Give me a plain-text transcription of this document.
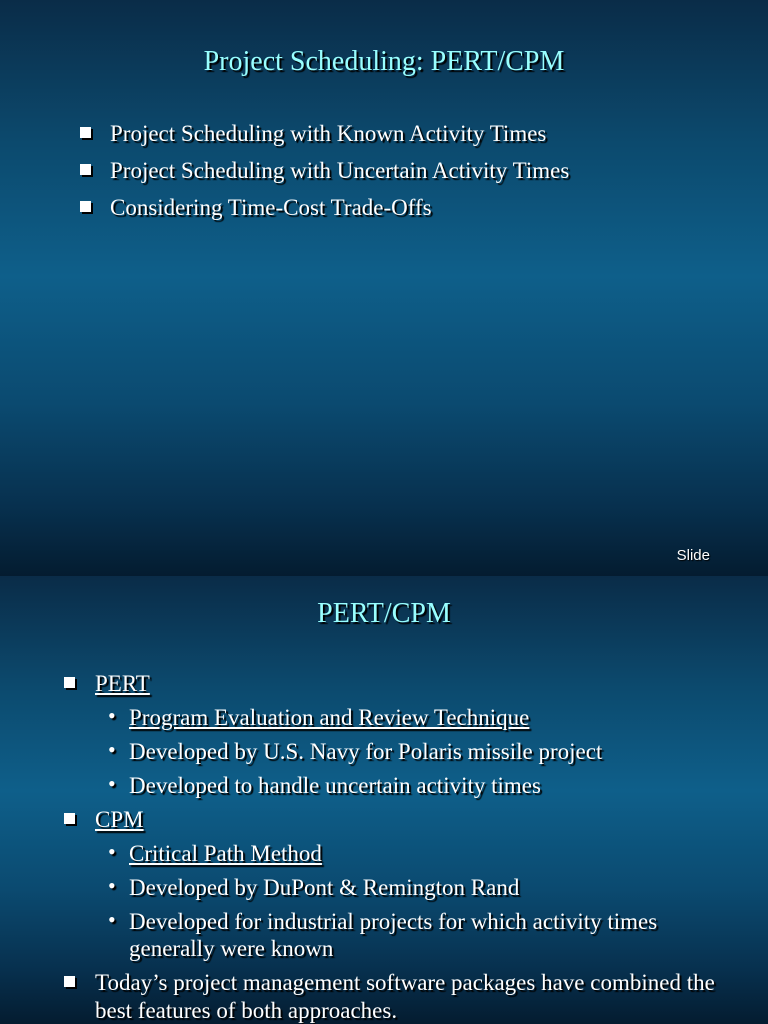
Project Scheduling: PERT/CPM
Project Scheduling with Known Activity Times
Project Scheduling with Uncertain Activity Times
Considering Time-Cost Trade-Offs
Slide
PERT/CPM
PERT
• Program Evaluation and Review Technique
• Developed by U.S. Navy for Polaris missile project
• Developed to handle uncertain activity times
CPM
• Critical Path Method
• Developed by DuPont & Remington Rand
• Developed for industrial projects for which activity times generally were known
Today’s project management software packages have combined the best features of both approaches.
